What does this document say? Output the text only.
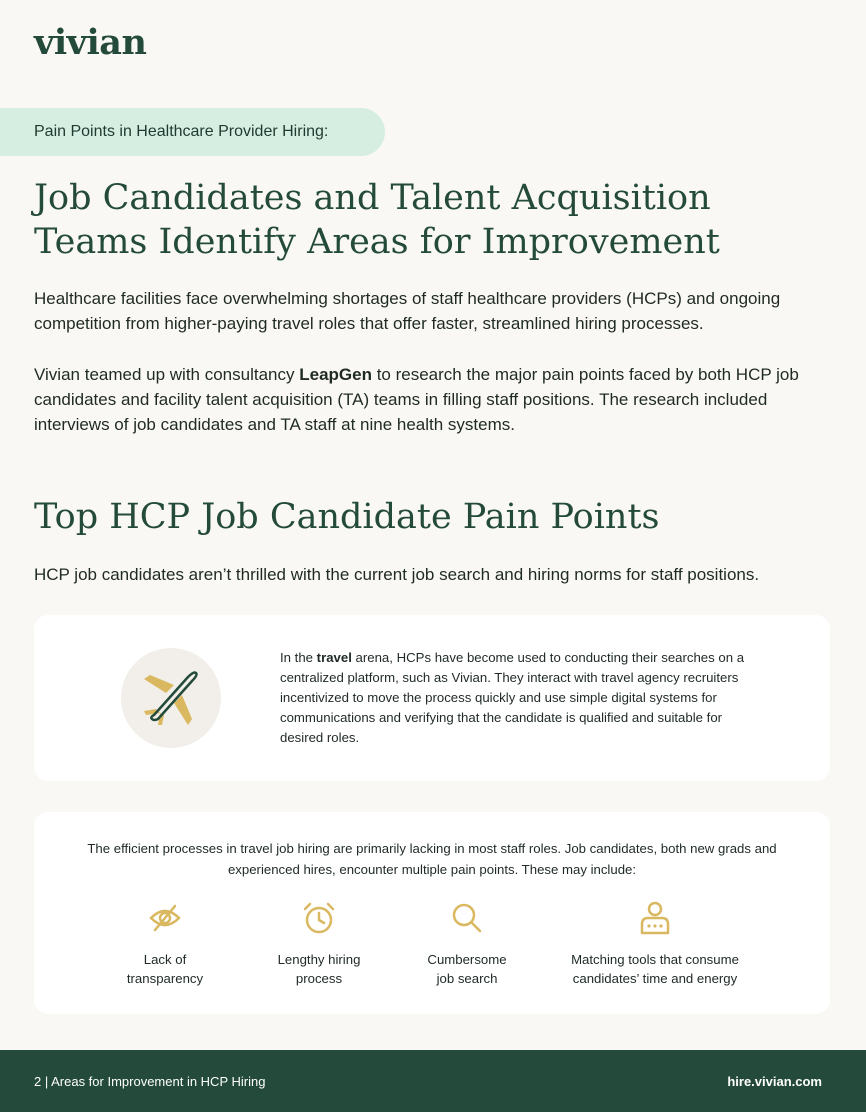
vivian
Pain Points in Healthcare Provider Hiring:
Job Candidates and Talent Acquisition
Teams Identify Areas for Improvement

Healthcare facilities face overwhelming shortages of staff healthcare providers (HCPs) and ongoing competition from higher-paying travel roles that offer faster, streamlined hiring processes.

Vivian teamed up with consultancy LeapGen to research the major pain points faced by both HCP job candidates and facility talent acquisition (TA) teams in filling staff positions. The research included interviews of job candidates and TA staff at nine health systems.

Top HCP Job Candidate Pain Points

HCP job candidates aren’t thrilled with the current job search and hiring norms for staff positions.

In the travel arena, HCPs have become used to conducting their searches on a centralized platform, such as Vivian. They interact with travel agency recruiters incentivized to move the process quickly and use simple digital systems for communications and verifying that the candidate is qualified and suitable for desired roles.

The efficient processes in travel job hiring are primarily lacking in most staff roles. Job candidates, both new grads and experienced hires, encounter multiple pain points. These may include:

Lack of
transparency
Lengthy hiring
process
Cumbersome
job search
Matching tools that consume
candidates’ time and energy
2 | Areas for Improvement in HCP Hiring	hire.vivian.com
